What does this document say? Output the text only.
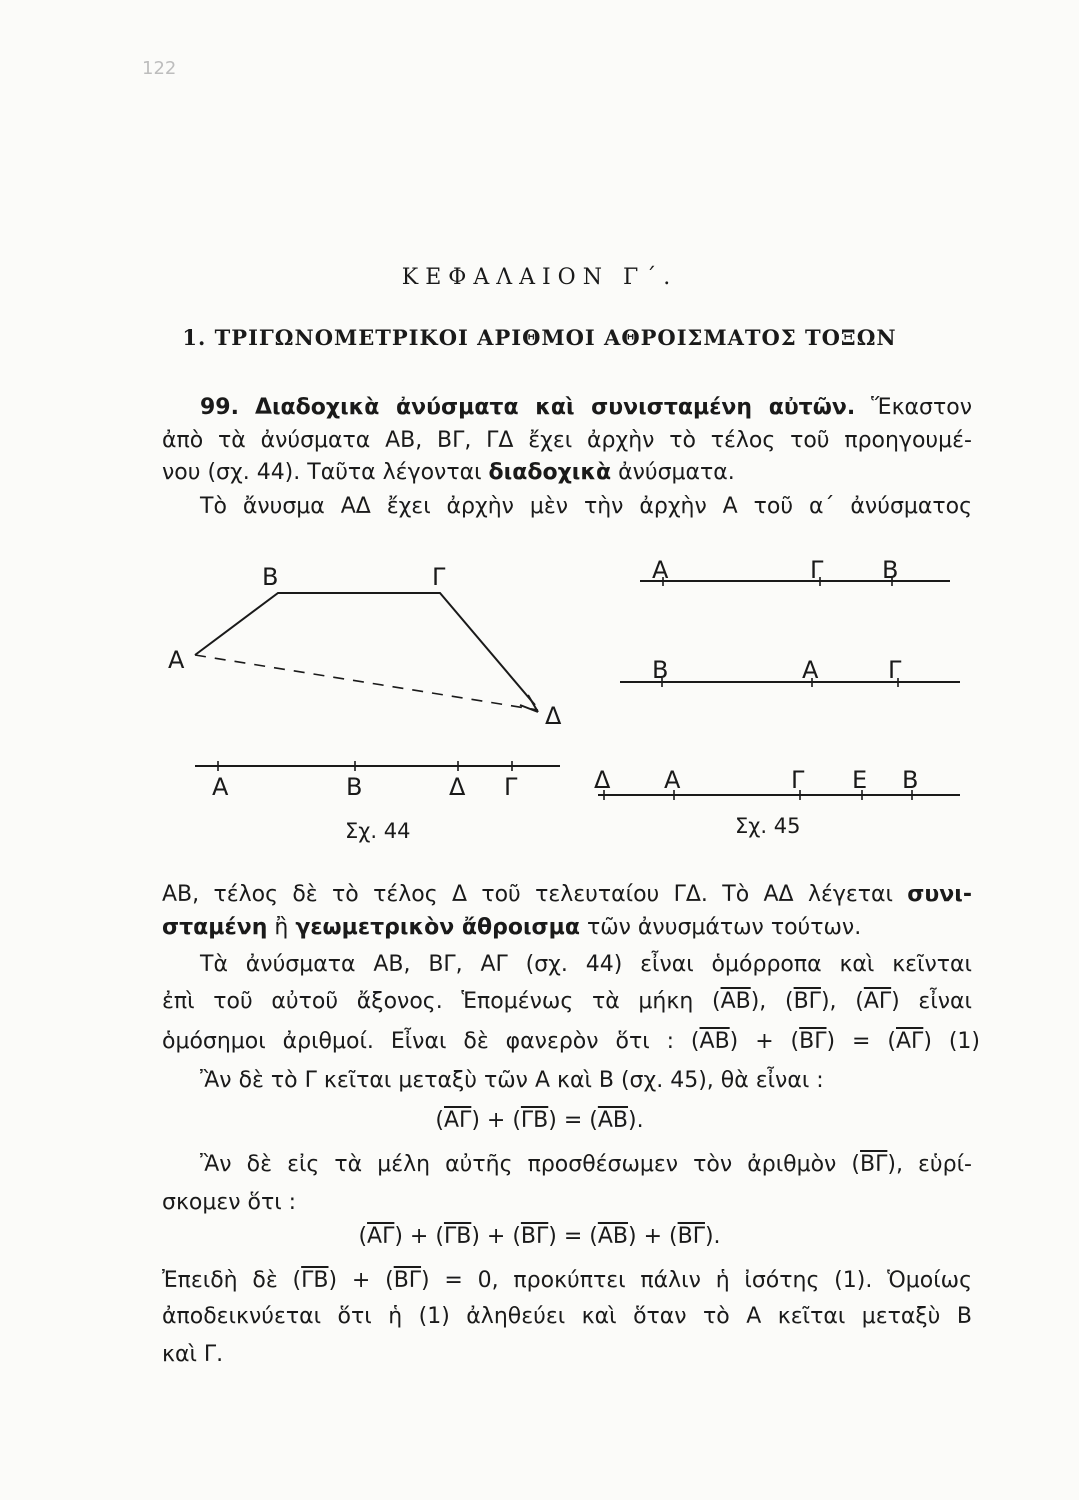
122
ΚΕΦΑΛΑΙΟΝ Γ΄.
1. ΤΡΙΓΩΝΟΜΕΤΡΙΚΟΙ ΑΡΙΘΜΟΙ ΑΘΡΟΙΣΜΑΤΟΣ ΤΟΞΩΝ
99. Διαδοχικὰ ἀνύσματα καὶ συνισταμένη αὐτῶν. Ἕκαστον
ἀπὸ τὰ ἀνύσματα ΑΒ, ΒΓ, ΓΔ ἔχει ἀρχὴν τὸ τέλος τοῦ προηγουμέ-
νου (σχ. 44). Ταῦτα λέγονται διαδοχικὰ ἀνύσματα.
Τὸ ἄνυσμα ΑΔ ἔχει ἀρχὴν μὲν τὴν ἀρχὴν Α τοῦ α΄ ἀνύσματος
Α
Β	Γ
Δ
Α	Β	Δ Γ
Σχ. 44
Α	Γ Β
Β	Α	Γ
Δ Α	Γ Ε Β
Σχ. 45
ΑΒ, τέλος δὲ τὸ τέλος Δ τοῦ τελευταίου ΓΔ. Τὸ ΑΔ λέγεται συνι-
σταμένη ἢ γεωμετρικὸν ἄθροισμα τῶν ἀνυσμάτων τούτων.
Τὰ ἀνύσματα ΑΒ, ΒΓ, ΑΓ (σχ. 44) εἶναι ὁμόρροπα καὶ κεῖνται
ἐπὶ τοῦ αὐτοῦ ἄξονος. Ἑπομένως τὰ μήκη $(\overline{AB})$, $(\overline{B\Gamma})$, $(\overline{A\Gamma})$ εἶναι
ὁμόσημοι ἀριθμοί. Εἶναι δὲ φανερὸν ὅτι : $(\overline{AB}) + (\overline{B\Gamma}) = (\overline{A\Gamma})$ (1)
Ἂν δὲ τὸ Γ κεῖται μεταξὺ τῶν Α καὶ Β (σχ. 45), θὰ εἶναι :
$(\overline{A\Gamma}) + (\overline{\Gamma B}) = (\overline{AB})$.
Ἂν δὲ εἰς τὰ μέλη αὐτῆς προσθέσωμεν τὸν ἀριθμὸν $(\overline{B\Gamma})$, εὑρί-
σκομεν ὅτι :
$(\overline{A\Gamma}) + (\overline{\Gamma B}) + (\overline{B\Gamma}) = (\overline{AB}) + (\overline{B\Gamma})$.
Ἐπειδὴ δὲ $(\overline{\Gamma B}) + (\overline{B\Gamma}) = 0$, προκύπτει πάλιν ἡ ἰσότης (1). Ὁμοίως
ἀποδεικνύεται ὅτι ἡ (1) ἀληθεύει καὶ ὅταν τὸ Α κεῖται μεταξὺ Β
καὶ Γ.
